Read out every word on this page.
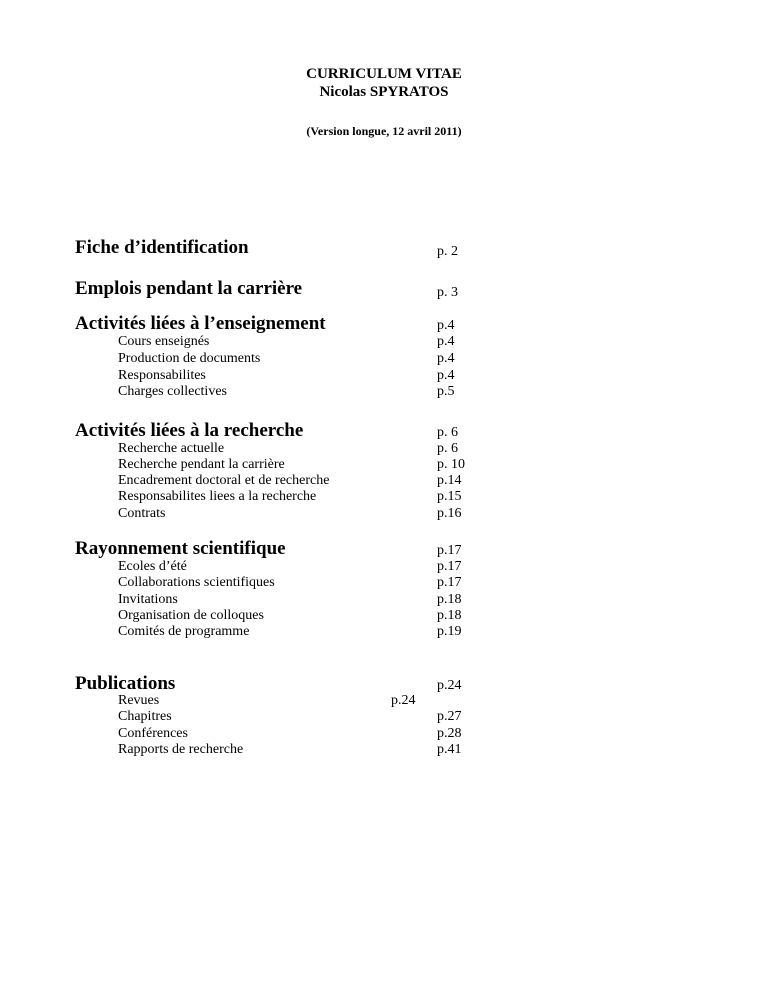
CURRICULUM VITAE
Nicolas SPYRATOS
(Version longue, 12 avril 2011)
Fiche d’identification	p. 2
Emplois pendant la carrière	p. 3
Activités liées à l’enseignement	p.4
Cours enseignés	p.4
Production de documents	p.4
Responsabilites	p.4
Charges collectives	p.5
Activités liées à la recherche	p. 6
Recherche actuelle	p. 6
Recherche pendant la carrière	p. 10
Encadrement doctoral et de recherche	p.14
Responsabilites liees a la recherche	p.15
Contrats	p.16
Rayonnement scientifique	p.17
Ecoles d’été	p.17
Collaborations scientifiques	p.17
Invitations	p.18
Organisation de colloques	p.18
Comités de programme	p.19
Publications	p.24
Revues	p.24
Chapitres	p.27
Conférences	p.28
Rapports de recherche	p.41
